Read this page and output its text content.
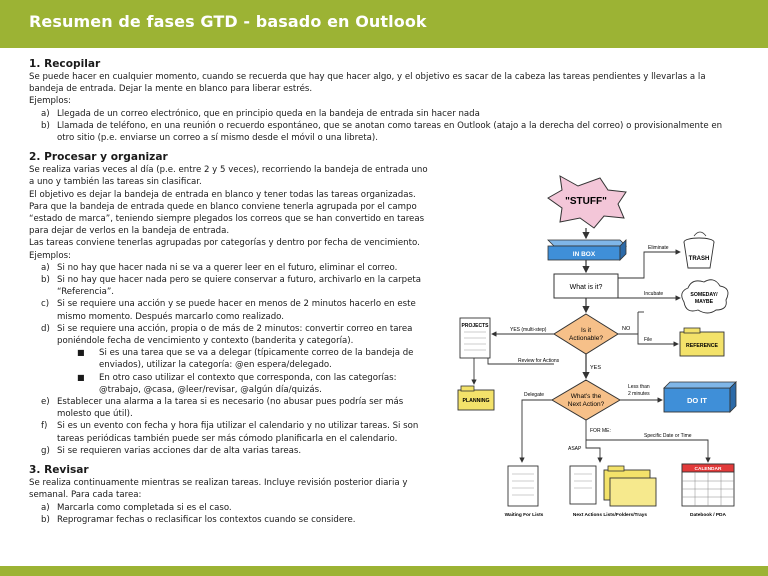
Resumen de fases GTD - basado en Outlook
1. Recopilar

Se puede hacer en cualquier momento, cuando se recuerda que hay que hacer algo, y el objetivo es sacar de la cabeza las tareas pendientes y llevarlas a la bandeja de entrada. Dejar la mente en blanco para liberar estrés.

Ejemplos:

a) Llegada de un correo electrónico, que en principio queda en la bandeja de entrada sin hacer nada
b) Llamada de teléfono, en una reunión o recuerdo espontáneo, que se anotan como tareas en Outlook (atajo a la derecha del correo) o provisionalmente en otro sitio (p.e. enviarse un correo a sí mismo desde el móvil o una libreta).
2. Procesar y organizar

Se realiza varias veces al día (p.e. entre 2 y 5 veces), recorriendo la bandeja de entrada uno a uno y también las tareas sin clasificar.

El objetivo es dejar la bandeja de entrada en blanco y tener todas las tareas organizadas.

Para que la bandeja de entrada quede en blanco conviene tenerla agrupada por el campo “estado de marca”, teniendo siempre plegados los correos que se han convertido en tareas para dejar de verlos en la bandeja de entrada.

Las tareas conviene tenerlas agrupadas por categorías y dentro por fecha de vencimiento.

Ejemplos:

a) Si no hay que hacer nada ni se va a querer leer en el futuro, eliminar el correo.
b) Si no hay que hacer nada pero se quiere conservar a futuro, archivarlo en la carpeta “Referencia”.
c) Si se requiere una acción y se puede hacer en menos de 2 minutos hacerlo en este mismo momento. Después marcarlo como realizado.
d) Si se requiere una acción, propia o de más de 2 minutos: convertir correo en tarea poniéndole fecha de vencimiento y contexto (banderita y categoría).
■ Si es una tarea que se va a delegar (típicamente correo de la bandeja de enviados), utilizar la categoría: @en espera/delegado.
■ En otro caso utilizar el contexto que corresponda, con las categorías: @trabajo, @casa, @leer/revisar, @algún día/quizás.
e) Establecer una alarma a la tarea si es necesario (no abusar pues podría ser más molesto que útil).
f) Si es un evento con fecha y hora fija utilizar el calendario y no utilizar tareas. Si son tareas periódicas también puede ser más cómodo planificarla en el calendario.
g) Si se requieren varias acciones dar de alta varias tareas.
3. Revisar

Se realiza continuamente mientras se realizan tareas. Incluye revisión posterior diaria y semanal. Para cada tarea:

a) Marcarla como completada si es el caso.
b) Reprogramar fechas o reclasificar los contextos cuando se considere.
"STUFF"
IN BOX
What is it?
Eliminate
TRASH
Incubate	SOMEDAY/
MAYBE
Is it
Actionable?
NO
File
REFERENCE
YES (multi-step)
PROJECTS
Review for Actions
PLANNING
YES
What's the
Next Action?
Less than
2 minutes
DO IT
Delegate
FOR ME:
ASAP
Specific Date or Time
Waiting For Lists	Next Actions Lists/Folders/Trays
CALENDAR
Datebook / PDA
